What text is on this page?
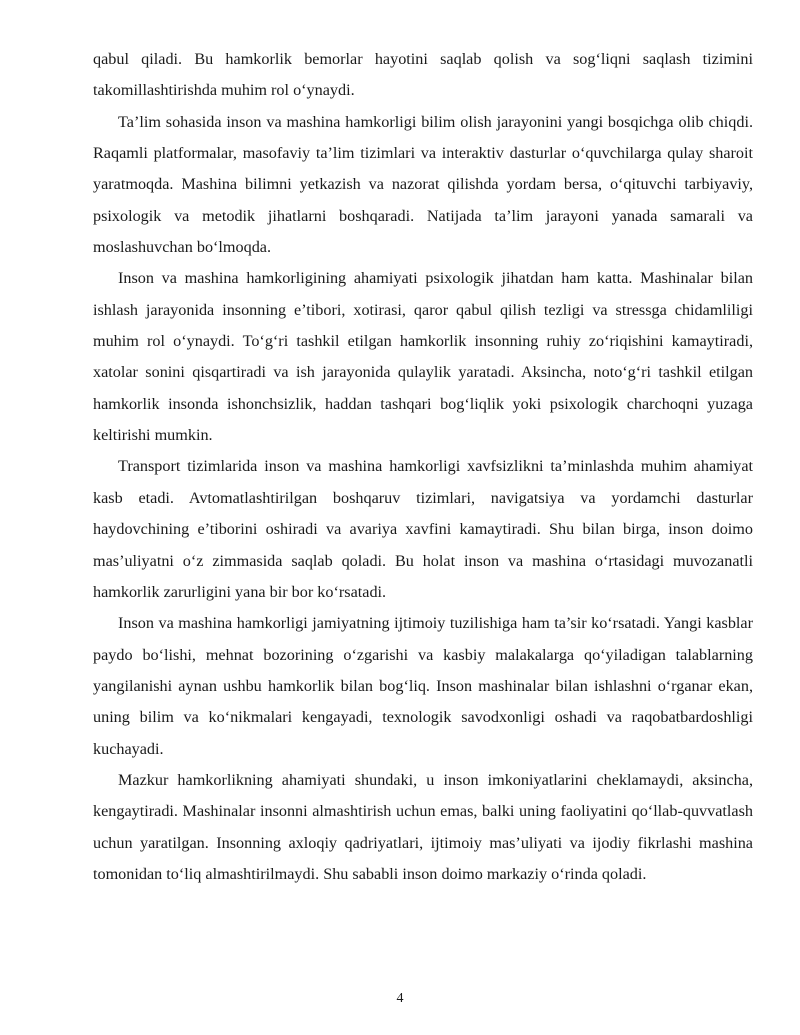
qabul qiladi. Bu hamkorlik bemorlar hayotini saqlab qolish va sog‘liqni saqlash tizimini takomillashtirishda muhim rol o‘ynaydi.

Ta’lim sohasida inson va mashina hamkorligi bilim olish jarayonini yangi bosqichga olib chiqdi. Raqamli platformalar, masofaviy ta’lim tizimlari va interaktiv dasturlar o‘quvchilarga qulay sharoit yaratmoqda. Mashina bilimni yetkazish va nazorat qilishda yordam bersa, o‘qituvchi tarbiyaviy, psixologik va metodik jihatlarni boshqaradi. Natijada ta’lim jarayoni yanada samarali va moslashuvchan bo‘lmoqda.

Inson va mashina hamkorligining ahamiyati psixologik jihatdan ham katta. Mashinalar bilan ishlash jarayonida insonning e’tibori, xotirasi, qaror qabul qilish tezligi va stressga chidamliligi muhim rol o‘ynaydi. To‘g‘ri tashkil etilgan hamkorlik insonning ruhiy zo‘riqishini kamaytiradi, xatolar sonini qisqartiradi va ish jarayonida qulaylik yaratadi. Aksincha, noto‘g‘ri tashkil etilgan hamkorlik insonda ishonchsizlik, haddan tashqari bog‘liqlik yoki psixologik charchoqni yuzaga keltirishi mumkin.

Transport tizimlarida inson va mashina hamkorligi xavfsizlikni ta’minlashda muhim ahamiyat kasb etadi. Avtomatlashtirilgan boshqaruv tizimlari, navigatsiya va yordamchi dasturlar haydovchining e’tiborini oshiradi va avariya xavfini kamaytiradi. Shu bilan birga, inson doimo mas’uliyatni o‘z zimmasida saqlab qoladi. Bu holat inson va mashina o‘rtasidagi muvozanatli hamkorlik zarurligini yana bir bor ko‘rsatadi.

Inson va mashina hamkorligi jamiyatning ijtimoiy tuzilishiga ham ta’sir ko‘rsatadi. Yangi kasblar paydo bo‘lishi, mehnat bozorining o‘zgarishi va kasbiy malakalarga qo‘yiladigan talablarning yangilanishi aynan ushbu hamkorlik bilan bog‘liq. Inson mashinalar bilan ishlashni o‘rganar ekan, uning bilim va ko‘nikmalari kengayadi, texnologik savodxonligi oshadi va raqobatbardoshligi kuchayadi.

Mazkur hamkorlikning ahamiyati shundaki, u inson imkoniyatlarini cheklamaydi, aksincha, kengaytiradi. Mashinalar insonni almashtirish uchun emas, balki uning faoliyatini qo‘llab-quvvatlash uchun yaratilgan. Insonning axloqiy qadriyatlari, ijtimoiy mas’uliyati va ijodiy fikrlashi mashina tomonidan to‘liq almashtirilmaydi. Shu sababli inson doimo markaziy o‘rinda qoladi.

4
